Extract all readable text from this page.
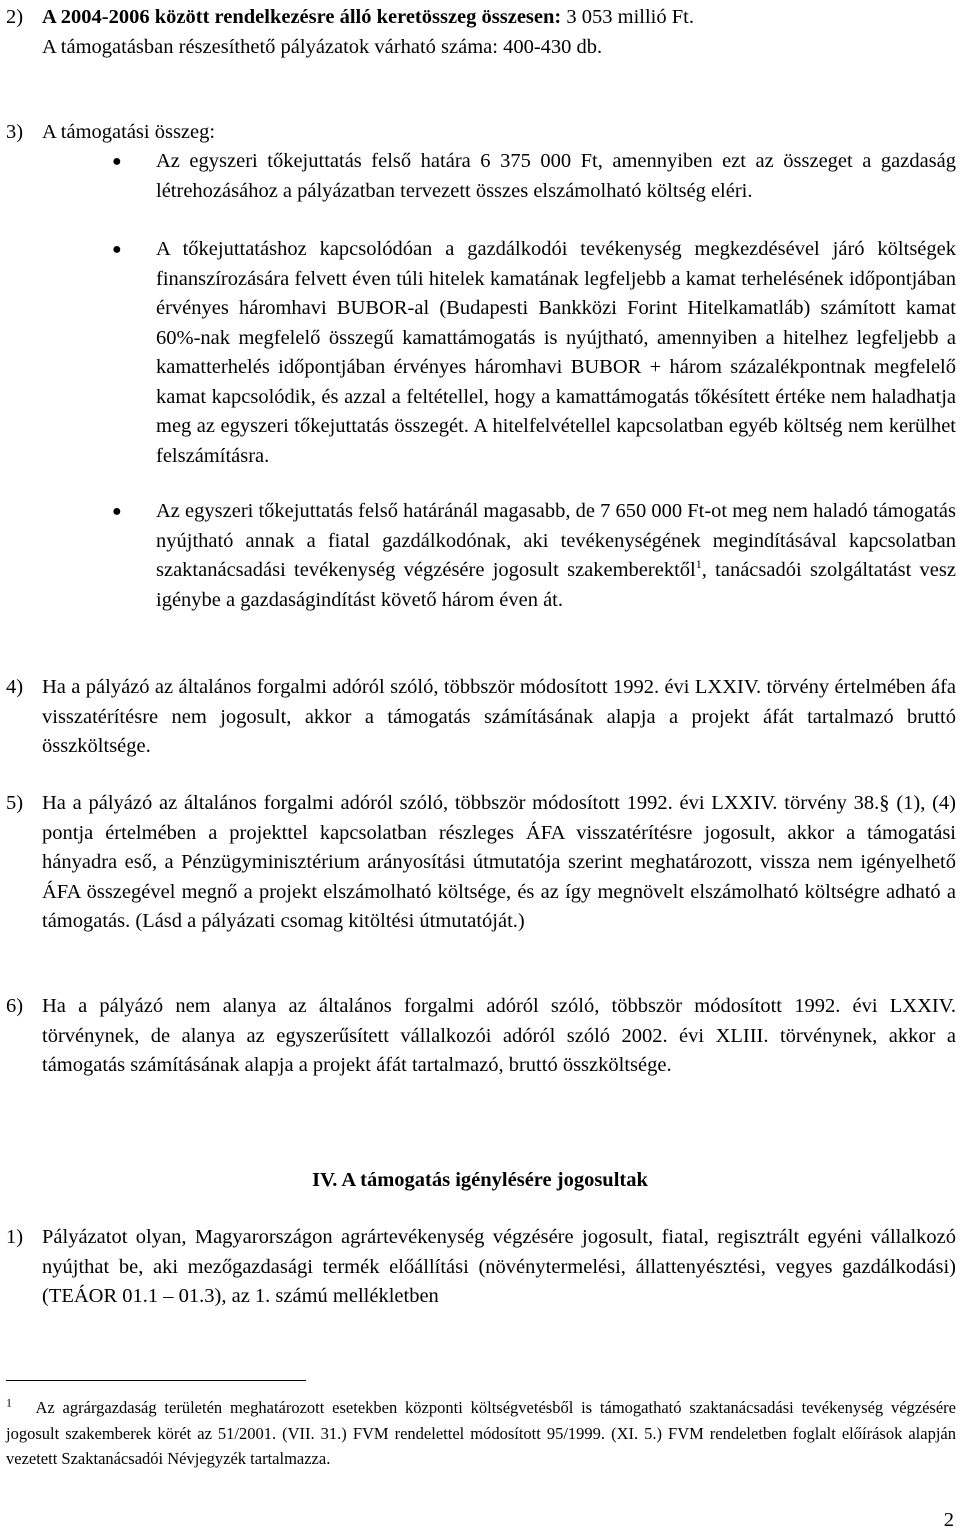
2) A 2004-2006 között rendelkezésre álló keretösszeg összesen: 3 053 millió Ft.
A támogatásban részesíthető pályázatok várható száma: 400-430 db.
3) A támogatási összeg:
● Az egyszeri tőkejuttatás felső határa 6 375 000 Ft, amennyiben ezt az összeget a gazdaság létrehozásához a pályázatban tervezett összes elszámolható költség eléri.
● A tőkejuttatáshoz kapcsolódóan a gazdálkodói tevékenység megkezdésével járó költségek finanszírozására felvett éven túli hitelek kamatának legfeljebb a kamat terhelésének időpontjában érvényes háromhavi BUBOR-al (Budapesti Bankközi Forint Hitelkamatláb) számított kamat 60%-nak megfelelő összegű kamattámogatás is nyújtható, amennyiben a hitelhez legfeljebb a kamatterhelés időpontjában érvényes háromhavi BUBOR + három százalékpontnak megfelelő kamat kapcsolódik, és azzal a feltétellel, hogy a kamattámogatás tőkésített értéke nem haladhatja meg az egyszeri tőkejuttatás összegét. A hitelfelvétellel kapcsolatban egyéb költség nem kerülhet felszámításra.
● Az egyszeri tőkejuttatás felső határánál magasabb, de 7 650 000 Ft-ot meg nem haladó támogatás nyújtható annak a fiatal gazdálkodónak, aki tevékenységének megindításával kapcsolatban szaktanácsadási tevékenység végzésére jogosult szakemberektől$^1$, tanácsadói szolgáltatást vesz igénybe a gazdaságindítást követő három éven át.
4) Ha a pályázó az általános forgalmi adóról szóló, többször módosított 1992. évi LXXIV. törvény értelmében áfa visszatérítésre nem jogosult, akkor a támogatás számításának alapja a projekt áfát tartalmazó bruttó összköltsége.
5) Ha a pályázó az általános forgalmi adóról szóló, többször módosított 1992. évi LXXIV. törvény 38.§ (1), (4) pontja értelmében a projekttel kapcsolatban részleges ÁFA visszatérítésre jogosult, akkor a támogatási hányadra eső, a Pénzügyminisztérium arányosítási útmutatója szerint meghatározott, vissza nem igényelhető ÁFA összegével megnő a projekt elszámolható költsége, és az így megnövelt elszámolható költségre adható a támogatás. (Lásd a pályázati csomag kitöltési útmutatóját.)
6) Ha a pályázó nem alanya az általános forgalmi adóról szóló, többször módosított 1992. évi LXXIV. törvénynek, de alanya az egyszerűsített vállalkozói adóról szóló 2002. évi XLIII. törvénynek, akkor a támogatás számításának alapja a projekt áfát tartalmazó, bruttó összköltsége.
IV. A támogatás igénylésére jogosultak
1) Pályázatot olyan, Magyarországon agrártevékenység végzésére jogosult, fiatal, regisztrált egyéni vállalkozó nyújthat be, aki mezőgazdasági termék előállítási (növénytermelési, állattenyésztési, vegyes gazdálkodási) (TEÁOR 01.1 – 01.3), az 1. számú mellékletben
$^1$ Az agrárgazdaság területén meghatározott esetekben központi költségvetésből is támogatható szaktanácsadási tevékenység végzésére jogosult szakemberek körét az 51/2001. (VII. 31.) FVM rendelettel módosított 95/1999. (XI. 5.) FVM rendeletben foglalt előírások alapján vezetett Szaktanácsadói Névjegyzék tartalmazza.
2
